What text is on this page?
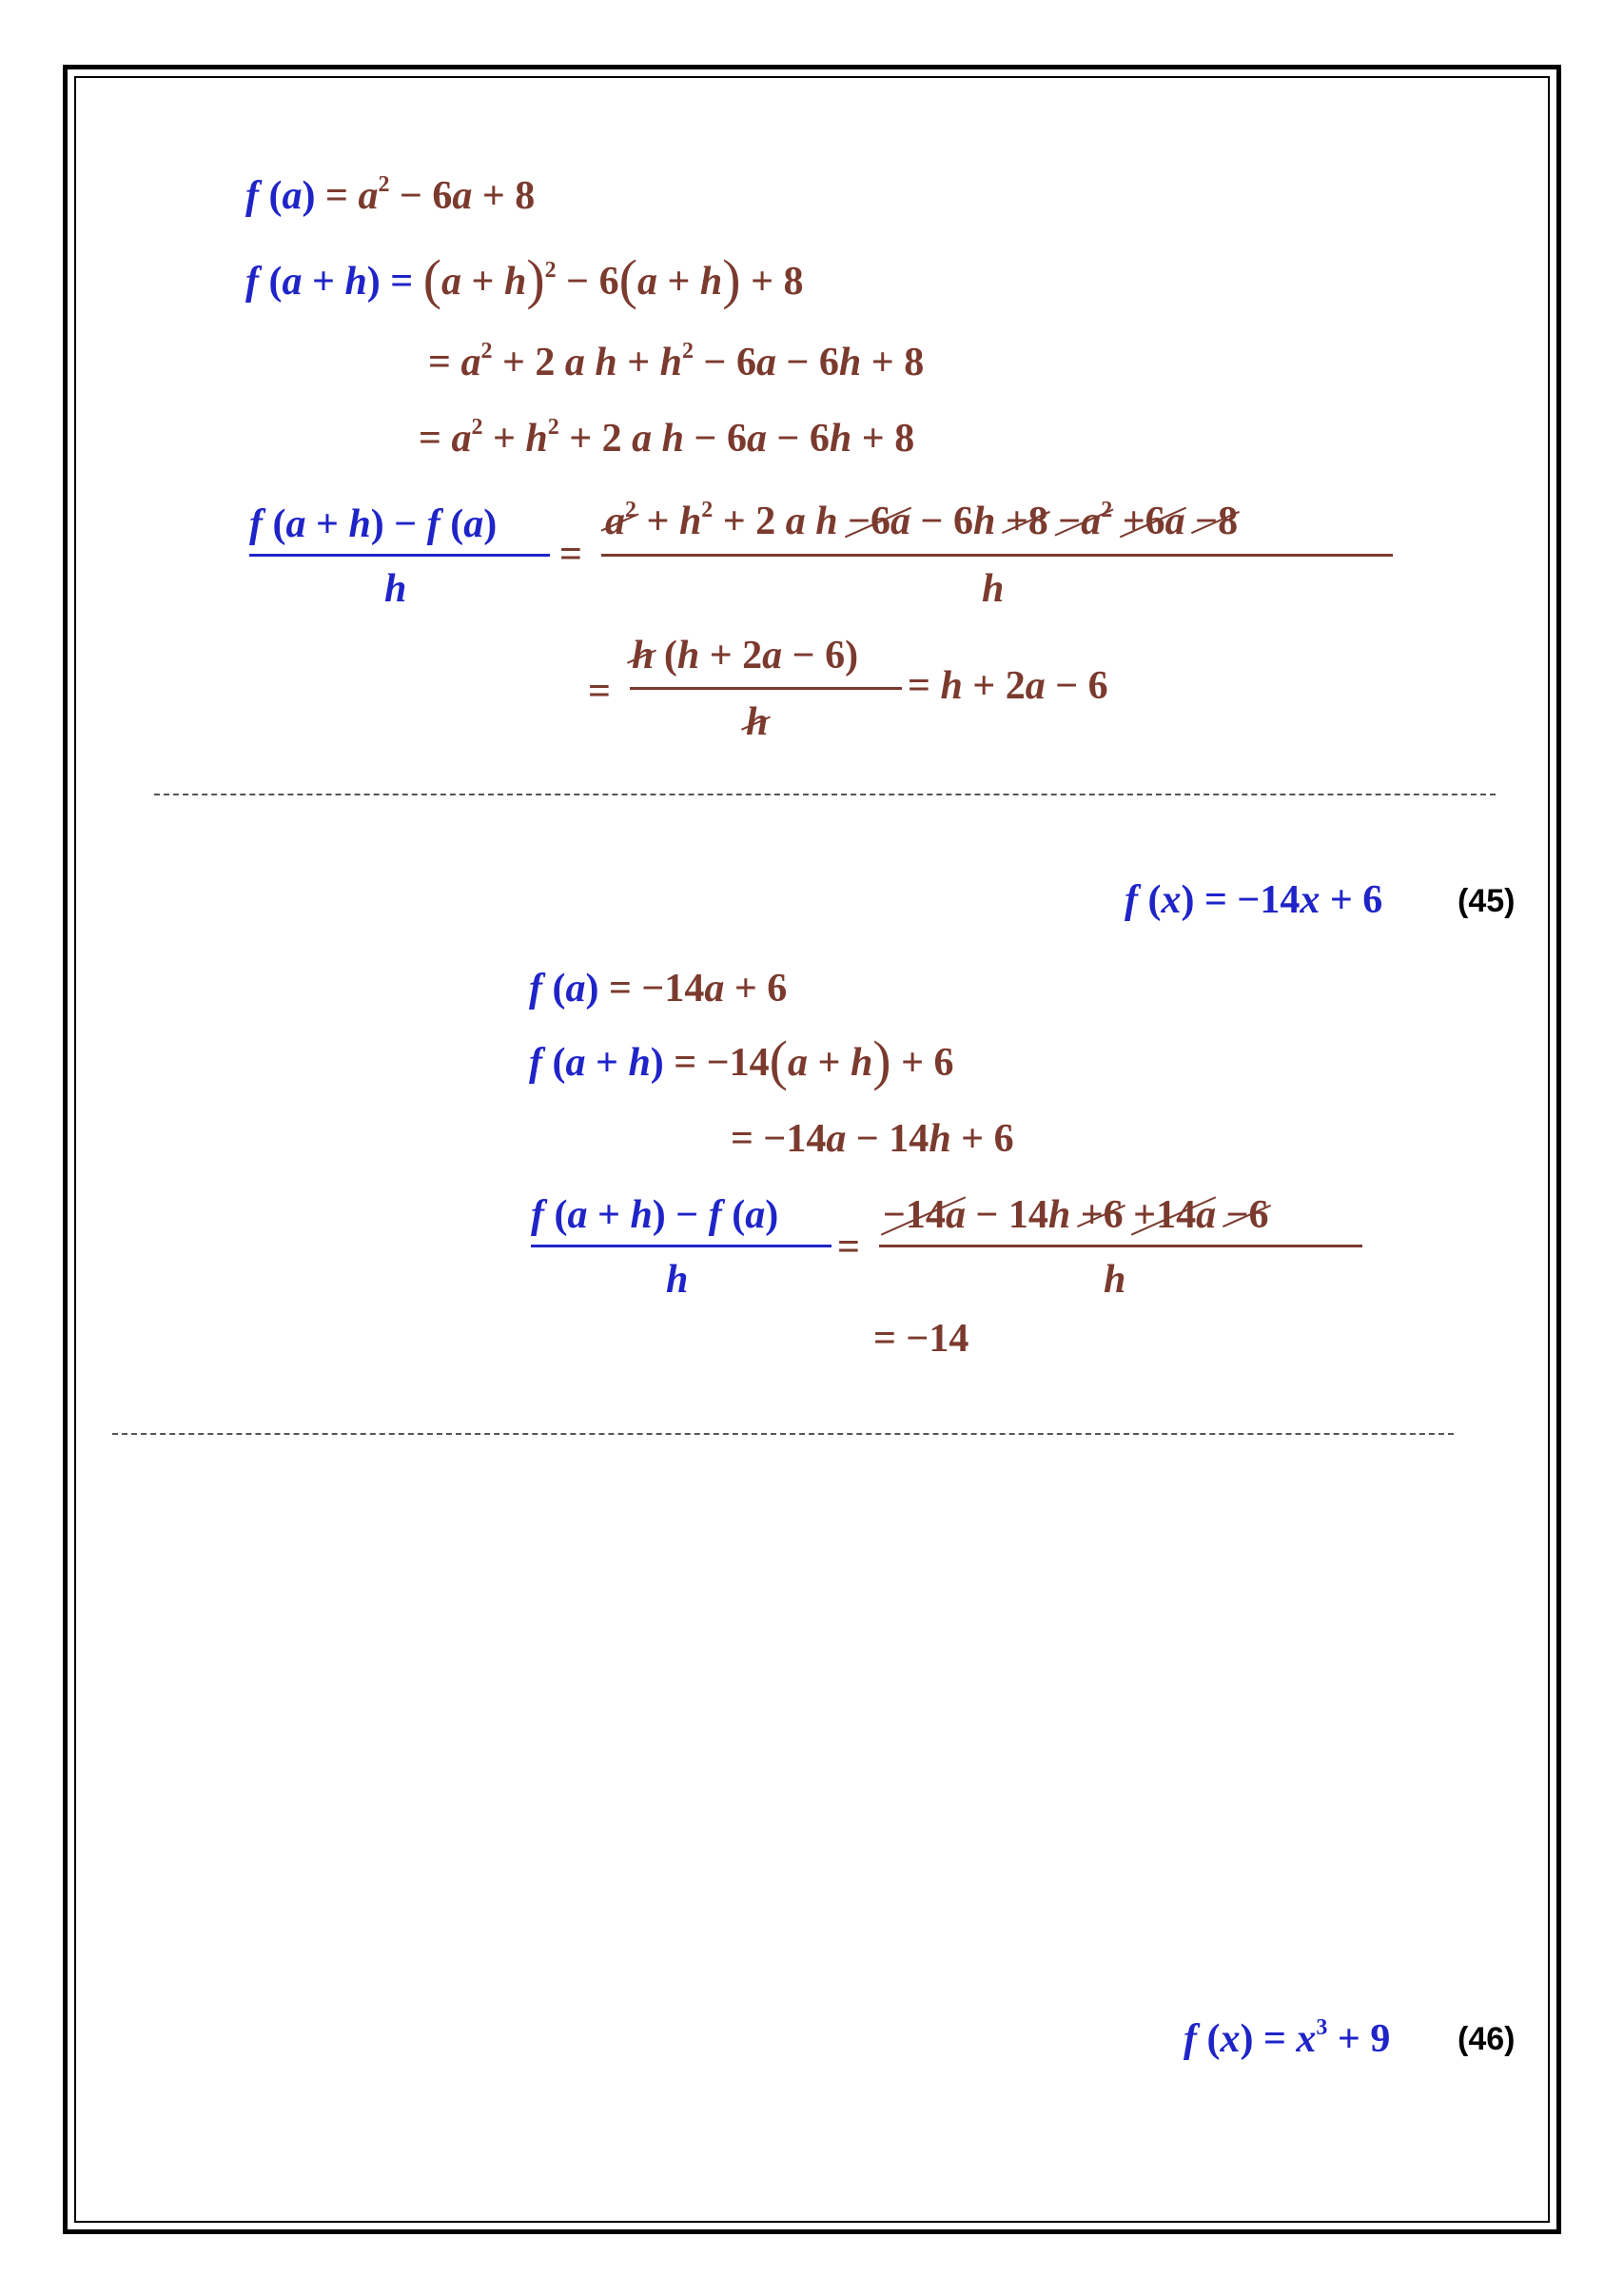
f $(a) = a^2 - 6a + 8$
f $(a + h) = (a + h)^2 - 6(a + h) + 8$
= $a^2 + 2$ a $h + h^2 - 6a - 6h + 8$
= $a^2 + h^2 + 2$ a h − 6a − 6h + 8
f (a + h) − f (a)
h
=
$a^2 + h^2 + 2$ a $h -6a - 6h +8 -a^2 +6a -8$
h
=
h (h + 2a − 6)
h
= h + 2a − 6
f (x) = −14x + 6 (45)
f (a) = −14a + 6
f (a + h) = −14(a + h) + 6
= −14a − 14h + 6
f (a + h) − f (a)
h
=
−14a − 14h +6 +14a −6
h
= −14
f $(x) = x^3 + 9$ (46)
